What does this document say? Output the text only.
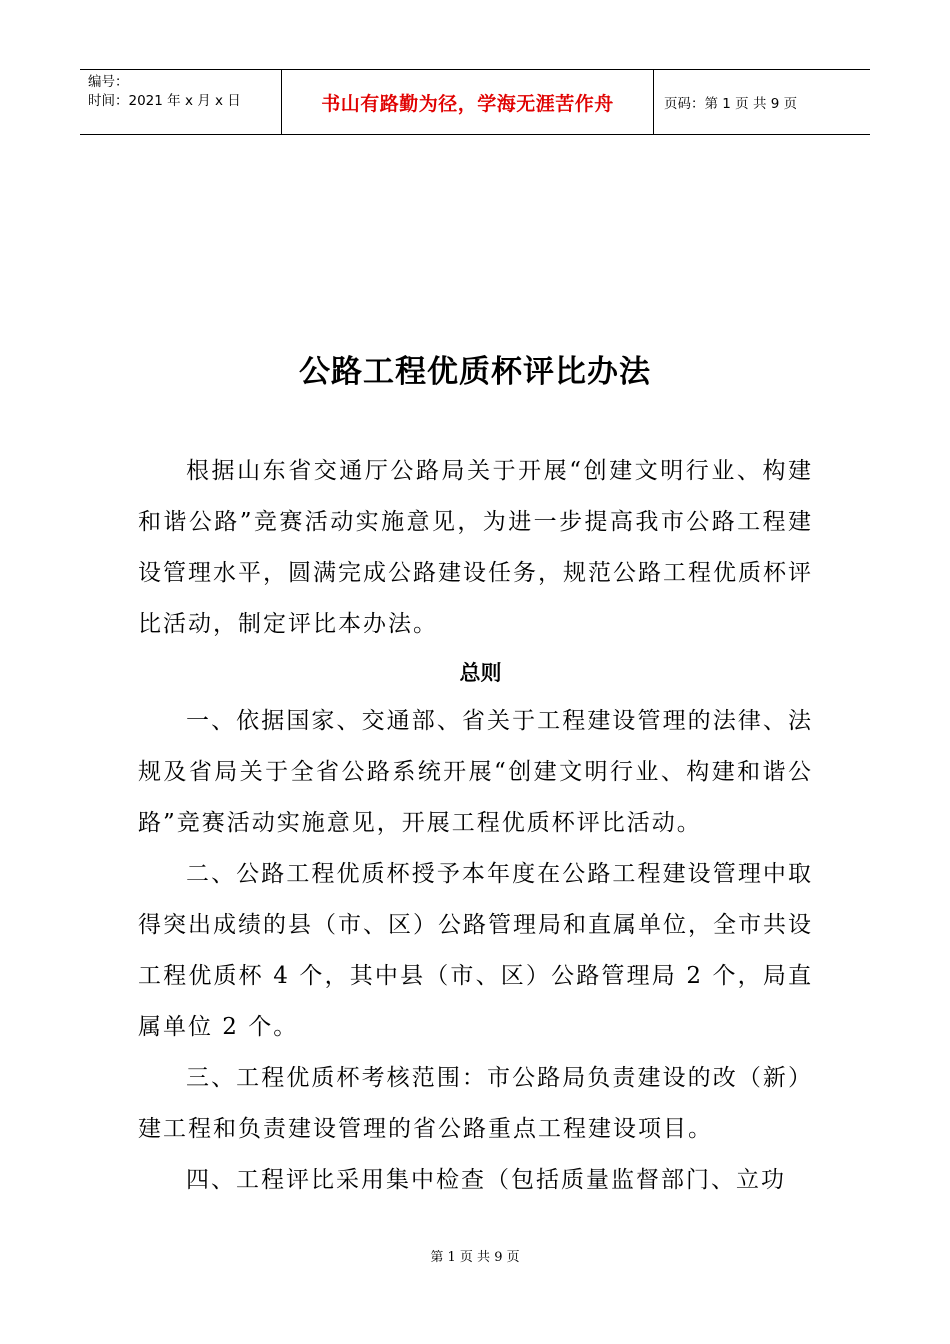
编号：
时间：2021 年 x 月 x 日	书山有路勤为径，学海无涯苦作舟	页码：第 1 页 共 9 页
公路工程优质杯评比办法

根据山东省交通厅公路局关于开展“创建文明行业、构建和谐公路”竞赛活动实施意见，为进一步提高我市公路工程建设管理水平，圆满完成公路建设任务，规范公路工程优质杯评比活动，制定评比本办法。

总则

一、依据国家、交通部、省关于工程建设管理的法律、法规及省局关于全省公路系统开展“创建文明行业、构建和谐公路”竞赛活动实施意见，开展工程优质杯评比活动。

二、公路工程优质杯授予本年度在公路工程建设管理中取得突出成绩的县（市、区）公路管理局和直属单位，全市共设工程优质杯 4 个，其中县（市、区）公路管理局 2 个，局直属单位 2 个。

三、工程优质杯考核范围：市公路局负责建设的改（新）建工程和负责建设管理的省公路重点工程建设项目。

四、工程评比采用集中检查（包括质量监督部门、立功

第 1 页 共 9 页
